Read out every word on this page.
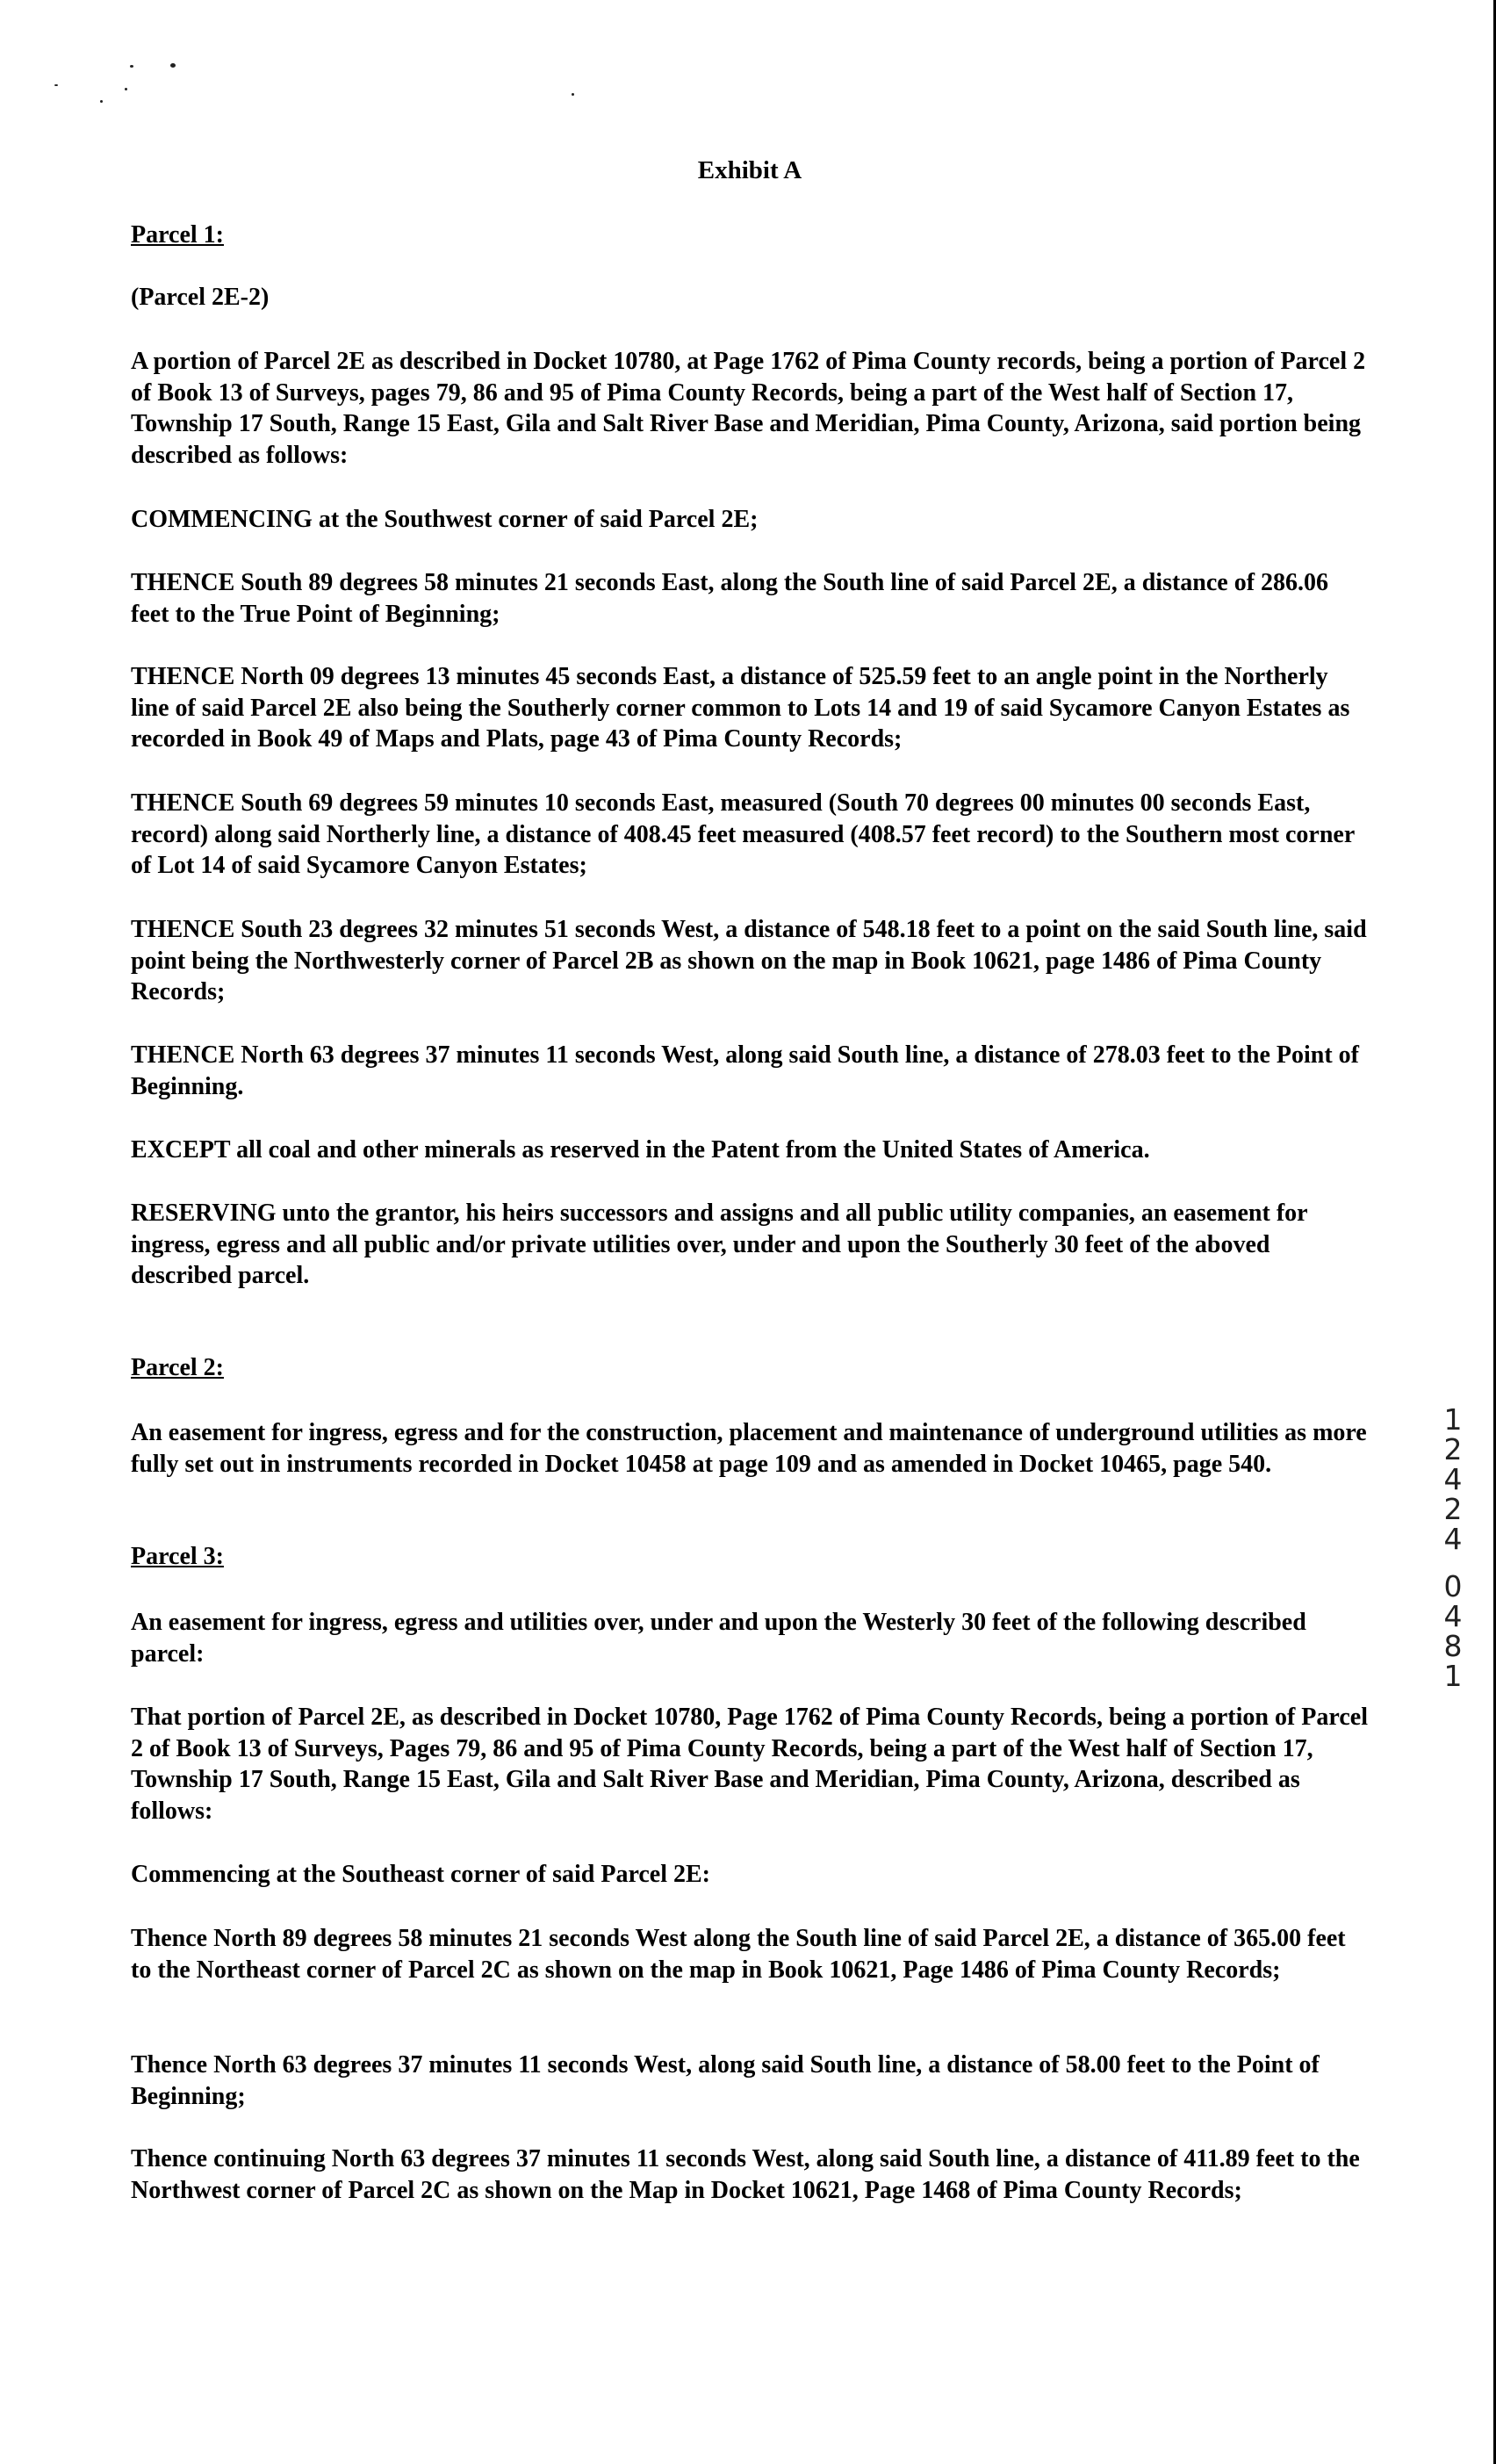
Exhibit A
Parcel 1:
(Parcel 2E-2)

A portion of Parcel 2E as described in Docket 10780, at Page 1762 of Pima County records, being a portion of Parcel 2 of Book 13 of Surveys, pages 79, 86 and 95 of Pima County Records, being a part of the West half of Section 17, Township 17 South, Range 15 East, Gila and Salt River Base and Meridian, Pima County, Arizona, said portion being described as follows:

COMMENCING at the Southwest corner of said Parcel 2E;

THENCE South 89 degrees 58 minutes 21 seconds East, along the South line of said Parcel 2E, a distance of 286.06 feet to the True Point of Beginning;

THENCE North 09 degrees 13 minutes 45 seconds East, a distance of 525.59 feet to an angle point in the Northerly line of said Parcel 2E also being the Southerly corner common to Lots 14 and 19 of said Sycamore Canyon Estates as recorded in Book 49 of Maps and Plats, page 43 of Pima County Records;

THENCE South 69 degrees 59 minutes 10 seconds East, measured (South 70 degrees 00 minutes 00 seconds East, record) along said Northerly line, a distance of 408.45 feet measured (408.57 feet record) to the Southern most corner of Lot 14 of said Sycamore Canyon Estates;

THENCE South 23 degrees 32 minutes 51 seconds West, a distance of 548.18 feet to a point on the said South line, said point being the Northwesterly corner of Parcel 2B as shown on the map in Book 10621, page 1486 of Pima County Records;

THENCE North 63 degrees 37 minutes 11 seconds West, along said South line, a distance of 278.03 feet to the Point of Beginning.

EXCEPT all coal and other minerals as reserved in the Patent from the United States of America.

RESERVING unto the grantor, his heirs successors and assigns and all public utility companies, an easement for ingress, egress and all public and/or private utilities over, under and upon the Southerly 30 feet of the aboved described parcel.

Parcel 2:

An easement for ingress, egress and for the construction, placement and maintenance of underground utilities as more fully set out in instruments recorded in Docket 10458 at page 109 and as amended in Docket 10465, page 540.

Parcel 3:

An easement for ingress, egress and utilities over, under and upon the Westerly 30 feet of the following described parcel:

That portion of Parcel 2E, as described in Docket 10780, Page 1762 of Pima County Records, being a portion of Parcel 2 of Book 13 of Surveys, Pages 79, 86 and 95 of Pima County Records, being a part of the West half of Section 17, Township 17 South, Range 15 East, Gila and Salt River Base and Meridian, Pima County, Arizona, described as follows:

Commencing at the Southeast corner of said Parcel 2E:

Thence North 89 degrees 58 minutes 21 seconds West along the South line of said Parcel 2E, a distance of 365.00 feet to the Northeast corner of Parcel 2C as shown on the map in Book 10621, Page 1486 of Pima County Records;

Thence North 63 degrees 37 minutes 11 seconds West, along said South line, a distance of 58.00 feet to the Point of Beginning;

Thence continuing North 63 degrees 37 minutes 11 seconds West, along said South line, a distance of 411.89 feet to the Northwest corner of Parcel 2C as shown on the Map in Docket 10621, Page 1468 of Pima County Records;

1
2
4
2
4
0
4
8
1
